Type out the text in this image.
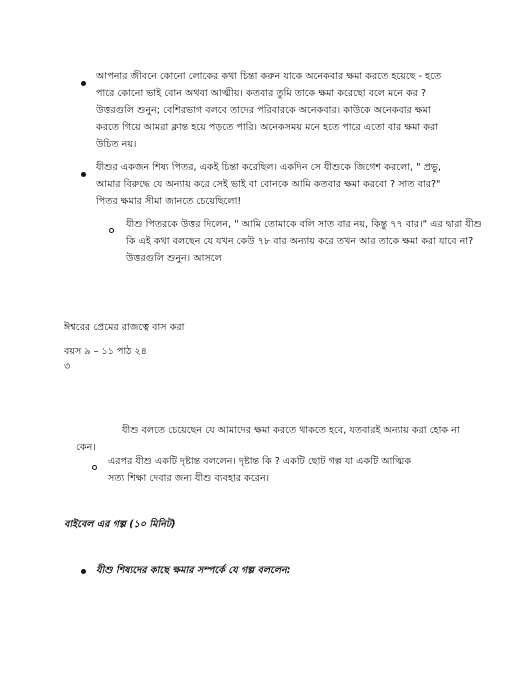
আপনার জীবনে কোনো লোকের কথা চিন্তা করুন যাকে অনেকবার ক্ষমা করতে হয়েছে - হতে
পারে কোনো ভাই বোন অথবা আত্মীয়। কতবার তুমি তাকে ক্ষমা করেছো বলে মনে কর ?
উত্তরগুলি শুনুন; বেশিরভাগ বলবে তাদের পরিবারকে অনেকবার। কাউকে অনেকবার ক্ষমা
করতে গিয়ে আমরা ক্লান্ত হয়ে পড়তে পারি। অনেকসময় মনে হতে পারে এতো বার ক্ষমা করা
উচিত নয়।
যীশুর একজন শিষ্য পিতর, একই চিন্তা করেছিল। একদিন সে যীশুকে জিগেশ করলো, " প্রভু,
আমার বিরুদ্ধে যে অন্যায় করে সেই ভাই বা বোনকে আমি কতবার ক্ষমা করবো ? সাত বার?"
পিতর ক্ষমার সীমা জানতে চেয়েছিলো!
যীশু পিতরকে উত্তর দিলেন, " আমি তোমাকে বলি সাত বার নয়, কিন্তু ৭৭ বার।" এর দ্বারা যীশু
কি এই কথা বলছেন যে যখন কেউ ৭৮ বার অন্যায় করে তখন আর তাকে ক্ষমা করা যাবে না?
উত্তরগুলি শুনুন। আসলে
ঈশ্বরের প্রেমের রাজত্বে বাস করা
বয়স ৯ – ১১ পাঠ ২৪
৩
যীশু বলতে চেয়েছেন যে আমাদের ক্ষমা করতে থাকতে হবে, যতবারই অন্যায় করা হোক না
কেন।
এরপর যীশু একটি দৃষ্টান্ত বললেন। দৃষ্টান্ত কি ? একটি ছোট গল্প যা একটি আত্মিক
সত্য শিক্ষা দেবার জন্য যীশু ব্যবহার করেন।
বাইবেল এর গল্প (১০ মিনিট)
যীশু শিষ্যদের কাছে ক্ষমার সম্পর্কে যে গল্প বললেন:
